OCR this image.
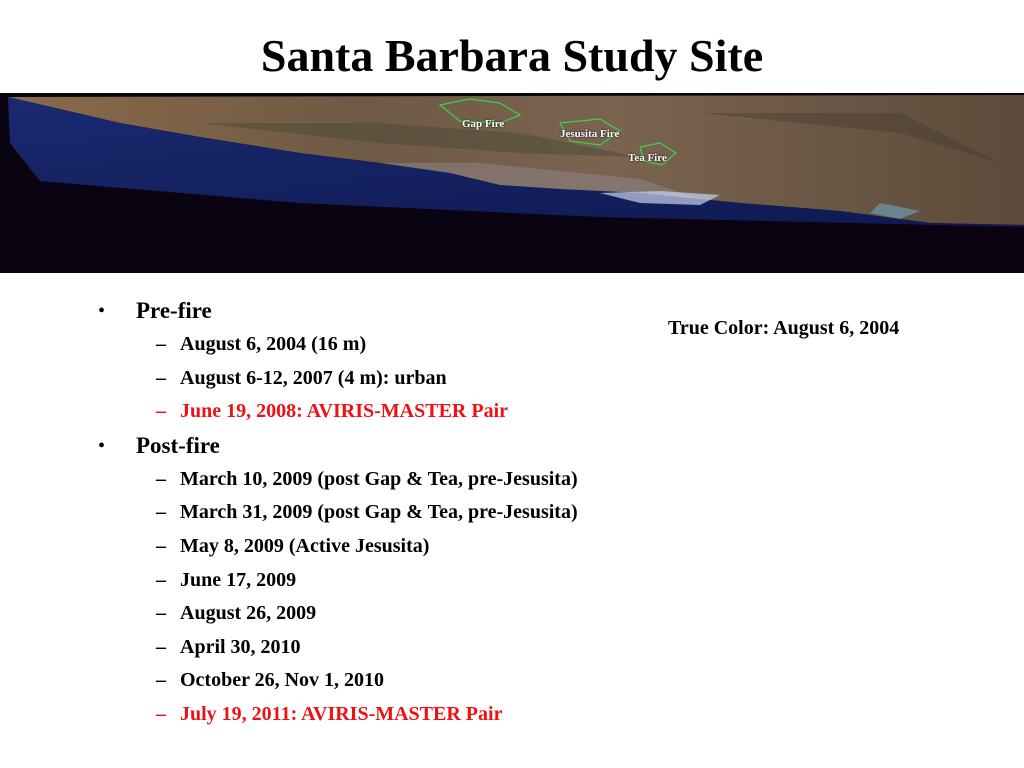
Santa Barbara Study Site
Gap Fire
Jesusita Fire
Tea Fire
10 km
True Color: 650,550,450 nm RGB	True Color: August 6, 2004
• Pre-fire
– August 6, 2004 (16 m)
– August 6-12, 2007 (4 m): urban
– June 19, 2008: AVIRIS-MASTER Pair
• Post-fire
– March 10, 2009 (post Gap & Tea, pre-Jesusita)
– March 31, 2009 (post Gap & Tea, pre-Jesusita)
– May 8, 2009 (Active Jesusita)
– June 17, 2009
– August 26, 2009
– April 30, 2010
– October 26, Nov 1, 2010
– July 19, 2011: AVIRIS-MASTER Pair
